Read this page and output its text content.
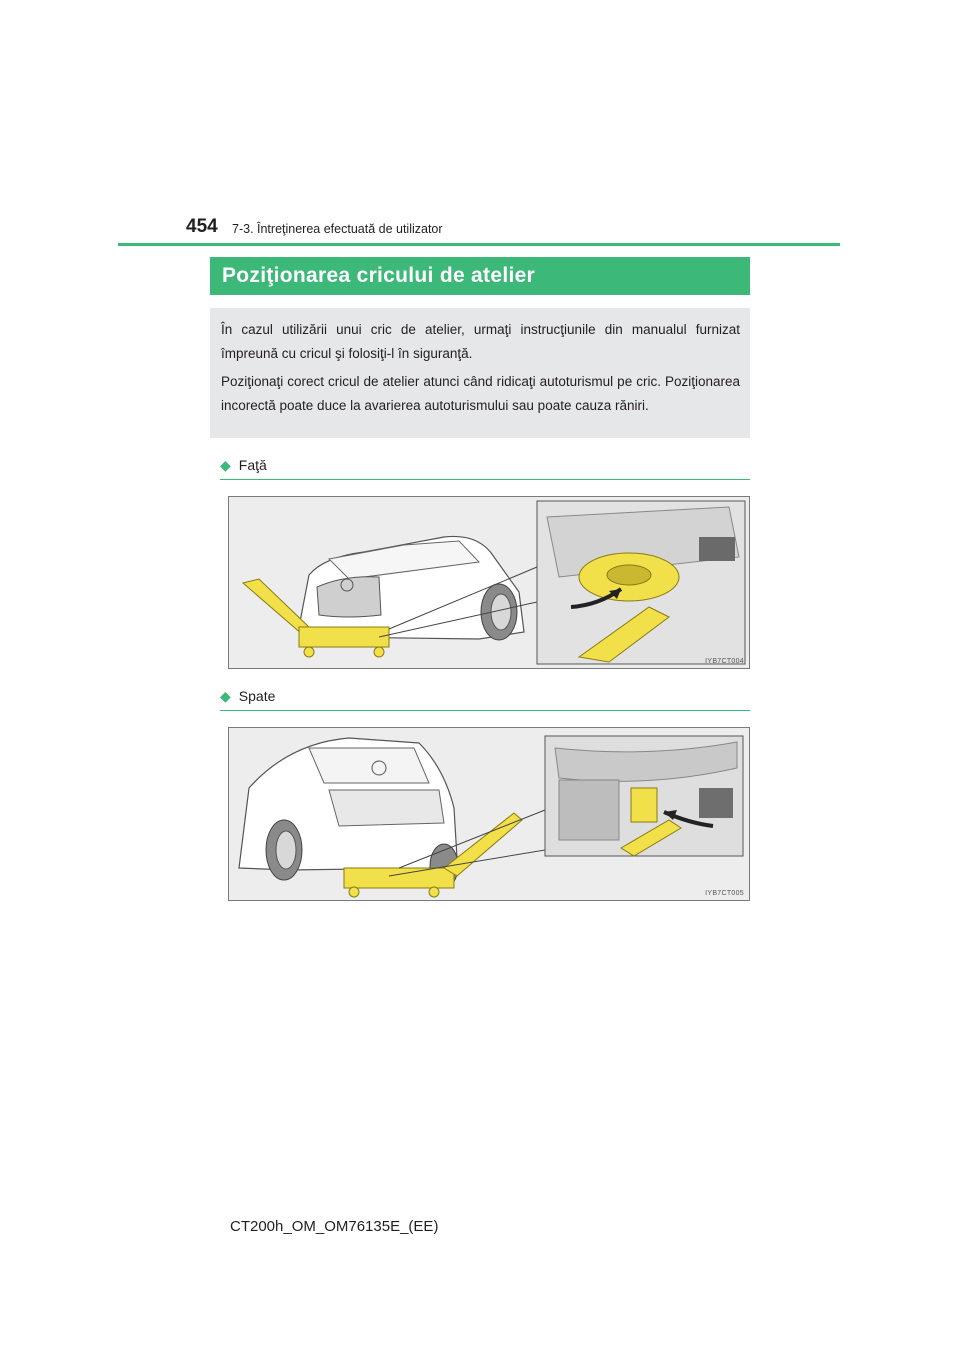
454 7-3. Întreţinerea efectuată de utilizator
Poziţionarea cricului de atelier

În cazul utilizării unui cric de atelier, urmaţi instrucţiunile din manualul furnizat împreună cu cricul şi folosiţi-l în siguranţă.

Poziţionaţi corect cricul de atelier atunci când ridicaţi autoturismul pe cric. Poziţionarea incorectă poate duce la avarierea autoturismului sau poate cauza răniri.

◆ Faţă
IYB7CT004
◆ Spate
IYB7CT005
CT200h_OM_OM76135E_(EE)
